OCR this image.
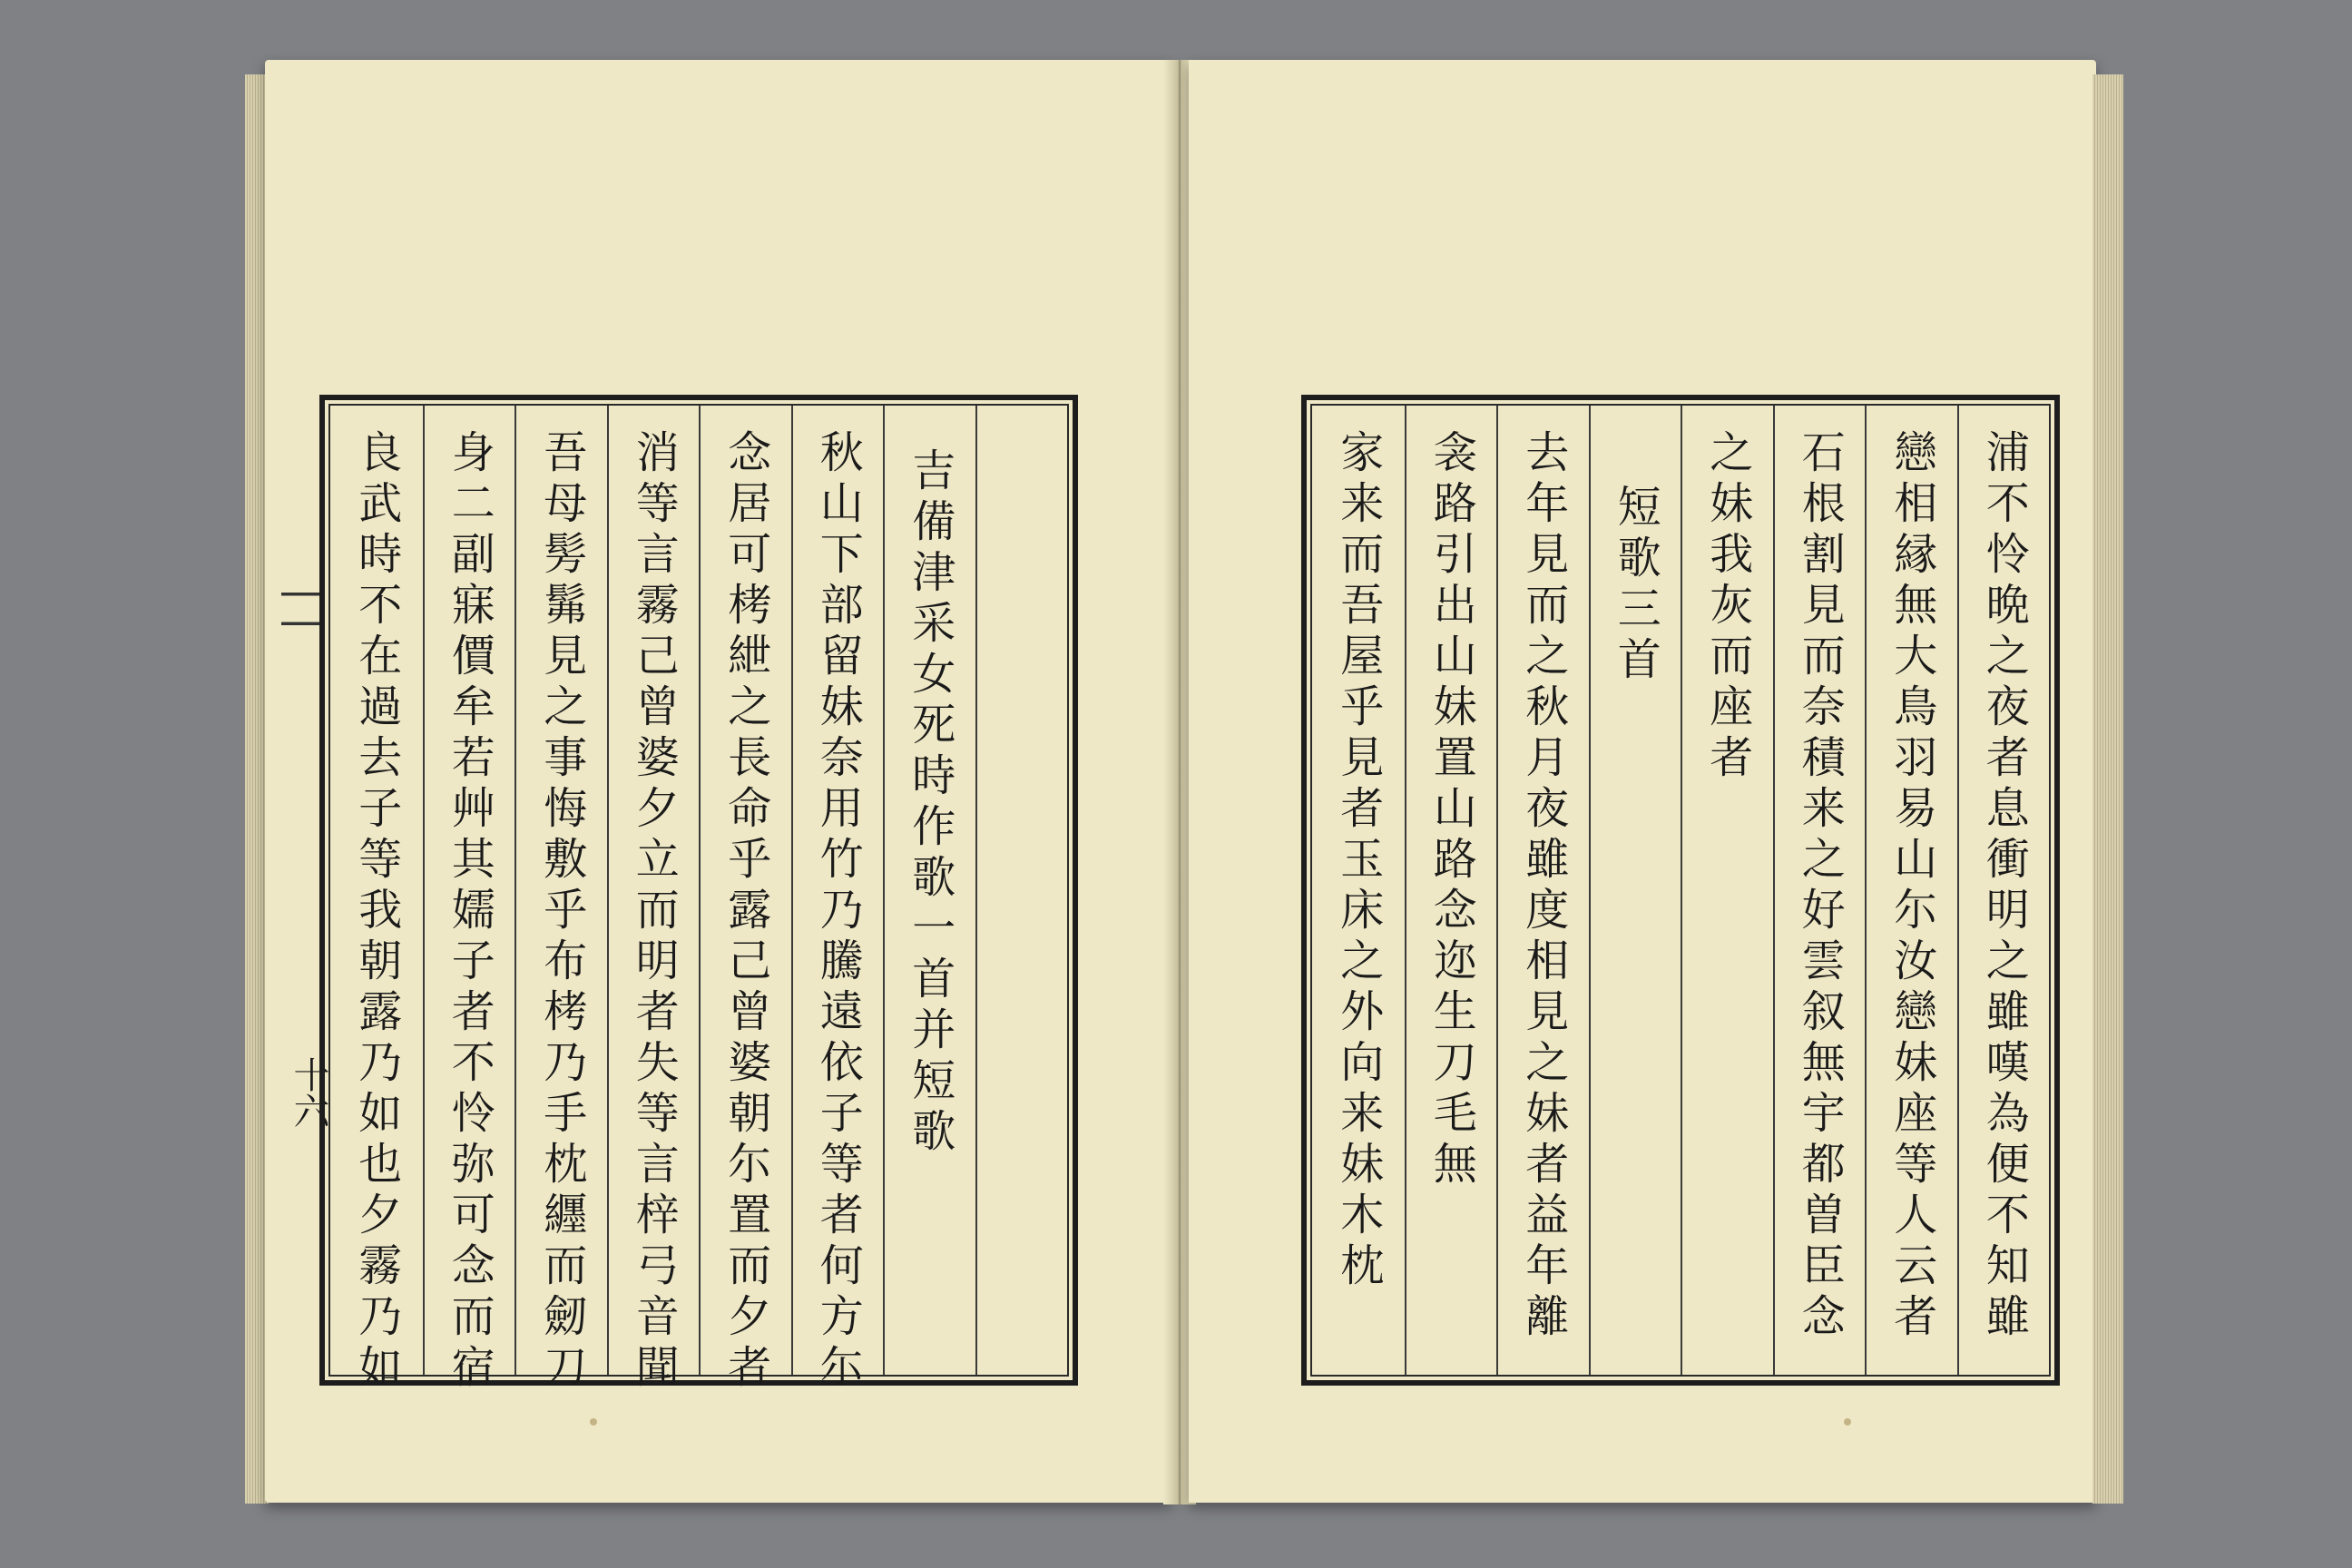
十六	吉備津采女死時作歌一首并短歌
秋山下部留妹奈用竹乃騰遠依子等者何方尓
念居可栲紲之長命乎露己曾婆朝尓置而夕者
消等言霧己曾婆夕立而明者失等言梓弓音聞
吾母髣髴見之事悔敷乎布栲乃手枕纒而劒刀
身二副寐價牟若艸其嬬子者不怜弥可念而宿
良武時不在過去子等我朝露乃如也夕霧乃如	浦不怜晩之夜者息衝明之雖嘆為便不知雖
戀相縁無大鳥羽易山尓汝戀妹座等人云者
石根割見而奈積来之好雲叙無宇都曽臣念
之妹我灰而座者
短歌三首
去年見而之秋月夜雖度相見之妹者益年離
衾路引出山妹置山路念迩生刀毛無
家来而吾屋乎見者玉床之外向来妹木枕
